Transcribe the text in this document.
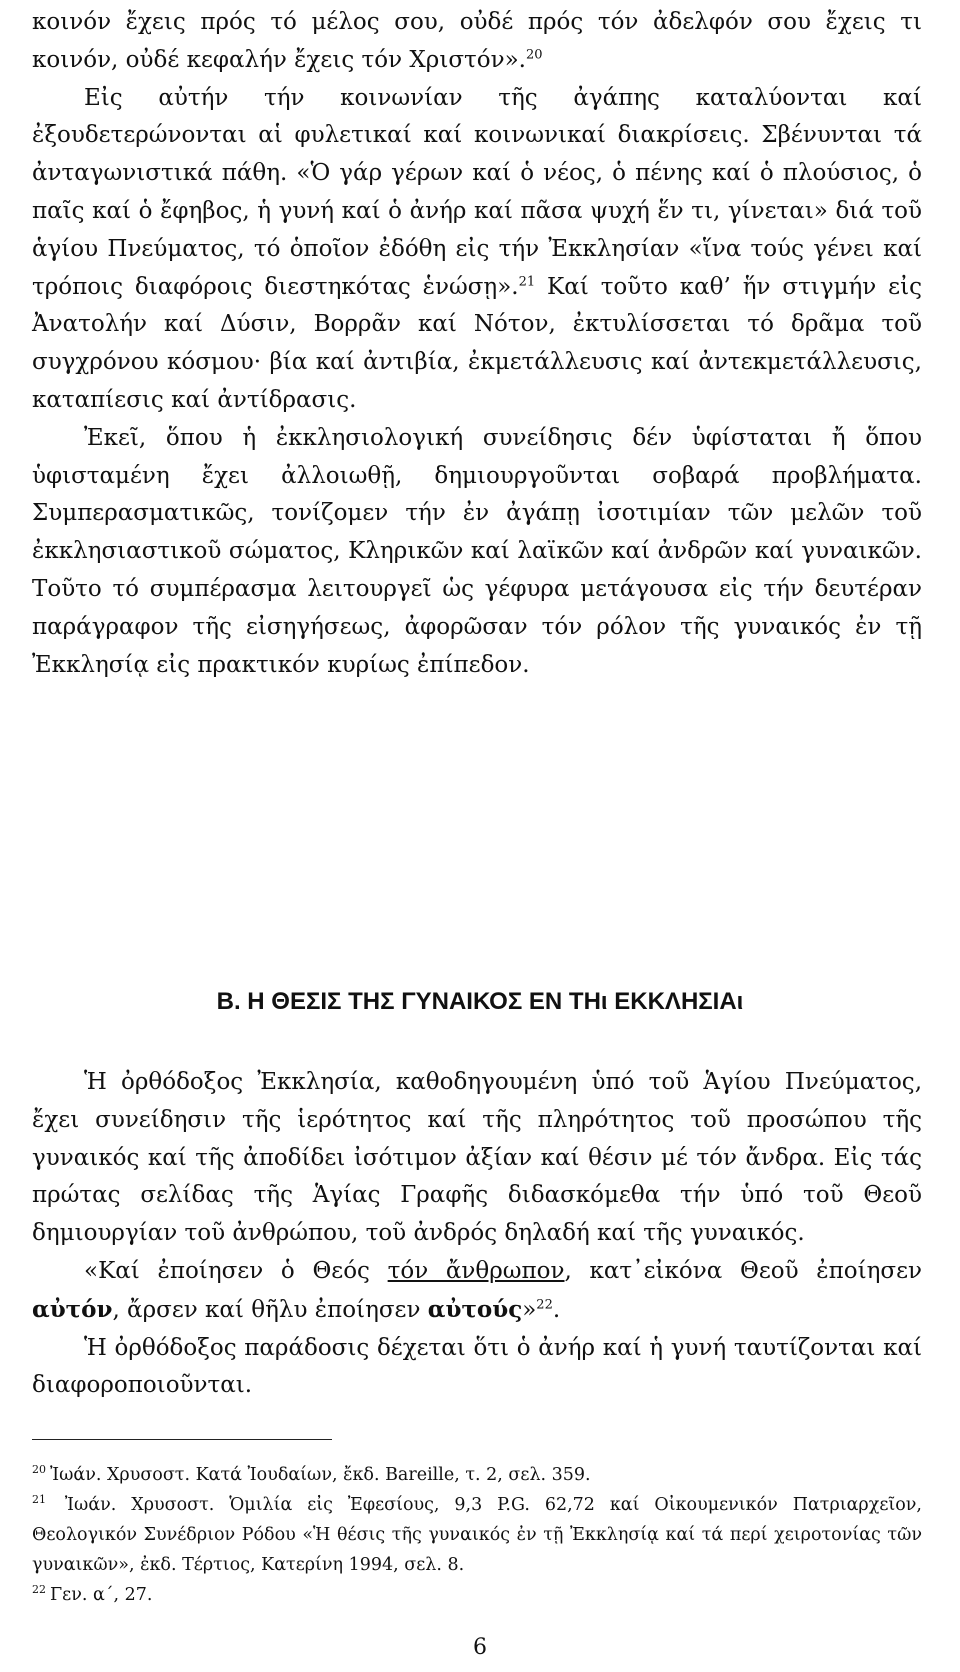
κοινόν ἔχεις πρός τό μέλος σου, οὐδέ πρός τόν ἀδελφόν σου ἔχεις τι κοινόν, οὐδέ κεφαλήν ἔχεις τόν Χριστόν».$^{20}$

Εἰς αὐτήν τήν κοινωνίαν τῆς ἀγάπης καταλύονται καί ἐξουδετερώνονται αἱ φυλετικαί καί κοινωνικαί διακρίσεις. Σβένυνται τά ἀνταγωνιστικά πάθη. «Ὁ γάρ γέρων καί ὁ νέος, ὁ πένης καί ὁ πλούσιος, ὁ παῖς καί ὁ ἔφηβος, ἡ γυνή καί ὁ ἀνήρ καί πᾶσα ψυχή ἕν τι, γίνεται» διά τοῦ ἁγίου Πνεύματος, τό ὁποῖον ἐδόθη εἰς τήν Ἐκκλησίαν «ἵνα τούς γένει καί τρόποις διαφόροις διεστηκότας ἑνώσῃ».$^{21}$ Καί τοῦτο καθ’ ἥν στιγμήν εἰς Ἀνατολήν καί Δύσιν, Βορρᾶν καί Νότον, ἐκτυλίσσεται τό δρᾶμα τοῦ συγχρόνου κόσμου· βία καί ἀντιβία, ἐκμετάλλευσις καί ἀντεκμετάλλευσις, καταπίεσις καί ἀντίδρασις.

Ἐκεῖ, ὅπου ἡ ἐκκλησιολογική συνείδησις δέν ὑφίσταται ἤ ὅπου ὑφισταμένη ἔχει ἀλλοιωθῇ, δημιουργοῦνται σοβαρά προβλήματα. Συμπερασματικῶς, τονίζομεν τήν ἐν ἀγάπῃ ἰσοτιμίαν τῶν μελῶν τοῦ ἐκκλησιαστικοῦ σώματος, Κληρικῶν καί λαϊκῶν καί ἀνδρῶν καί γυναικῶν. Τοῦτο τό συμπέρασμα λειτουργεῖ ὡς γέφυρα μετάγουσα εἰς τήν δευτέραν παράγραφον τῆς εἰσηγήσεως, ἀφορῶσαν τόν ρόλον τῆς γυναικός ἐν τῇ Ἐκκλησίᾳ εἰς πρακτικόν κυρίως ἐπίπεδον.

Β. Η ΘΕΣΙΣ ΤΗΣ ΓΥΝΑΙΚΟΣ ΕΝ ΤΗι ΕΚΚΛΗΣΙΑι

Ἡ ὀρθόδοξος Ἐκκλησία, καθοδηγουμένη ὑπό τοῦ Ἁγίου Πνεύματος, ἔχει συνείδησιν τῆς ἱερότητος καί τῆς πληρότητος τοῦ προσώπου τῆς γυναικός καί τῆς ἀποδίδει ἰσότιμον ἀξίαν καί θέσιν μέ τόν ἄνδρα. Εἰς τάς πρώτας σελίδας τῆς Ἁγίας Γραφῆς διδασκόμεθα τήν ὑπό τοῦ Θεοῦ δημιουργίαν τοῦ ἀνθρώπου, τοῦ ἀνδρός δηλαδή καί τῆς γυναικός.

«Καί ἐποίησεν ὁ Θεός τόν ἄνθρωπον, κατ᾽εἰκόνα Θεοῦ ἐποίησεν αὐτόν, ἄρσεν καί θῆλυ ἐποίησεν αὐτούς»$^{22}$.

Ἡ ὀρθόδοξος παράδοσις δέχεται ὅτι ὁ ἀνήρ καί ἡ γυνή ταυτίζονται καί διαφοροποιοῦνται.

$^{20}$ Ἰωάν. Χρυσοστ. Κατά Ἰουδαίων, ἔκδ. Bareille, τ. 2, σελ. 359.

$^{21}$ Ἰωάν. Χρυσοστ. Ὁμιλία εἰς Ἐφεσίους, 9,3 P.G. 62,72 καί Οἰκουμενικόν Πατριαρχεῖον, Θεολογικόν Συνέδριον Ρόδου «Ἡ θέσις τῆς γυναικός ἐν τῇ Ἐκκλησίᾳ καί τά περί χειροτονίας τῶν γυναικῶν», ἐκδ. Τέρτιος, Κατερίνη 1994, σελ. 8.

$^{22}$ Γεν. α΄, 27.

6
